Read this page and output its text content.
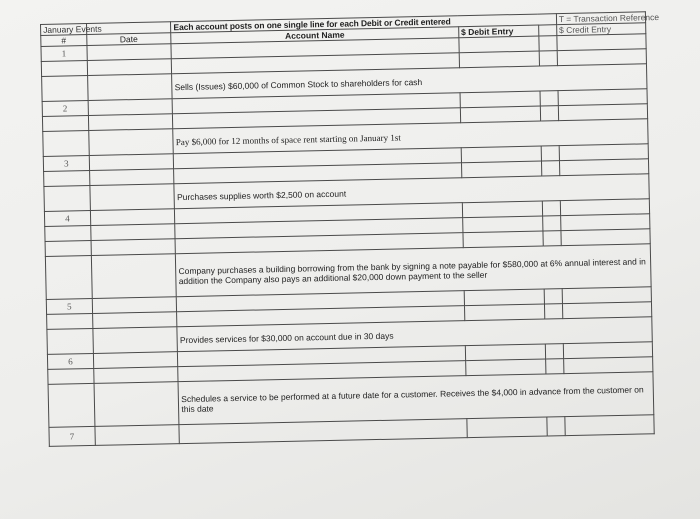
January Events		Each account posts on one single line for each Debit or Credit entered			T = Transaction Reference
#	Date	Account Name	$ Debit Entry		$ Credit Entry
1					

		Sells (Issues) $60,000 of Common Stock to shareholders for cash			
2					

		Pay $6,000 for 12 months of space rent starting on January 1st			
3					

		Purchases supplies worth $2,500 on account			
4					

		Company purchases a building borrowing from the bank by signing a note payable for $580,000 at 6% annual interest and in addition the Company also pays an additional $20,000 down payment to the seller			
5					

		Provides services for $30,000 on account due in 30 days			
6					

		Schedules a service to be performed at a future date for a customer. Receives the $4,000 in advance from the customer on this date			
7					
